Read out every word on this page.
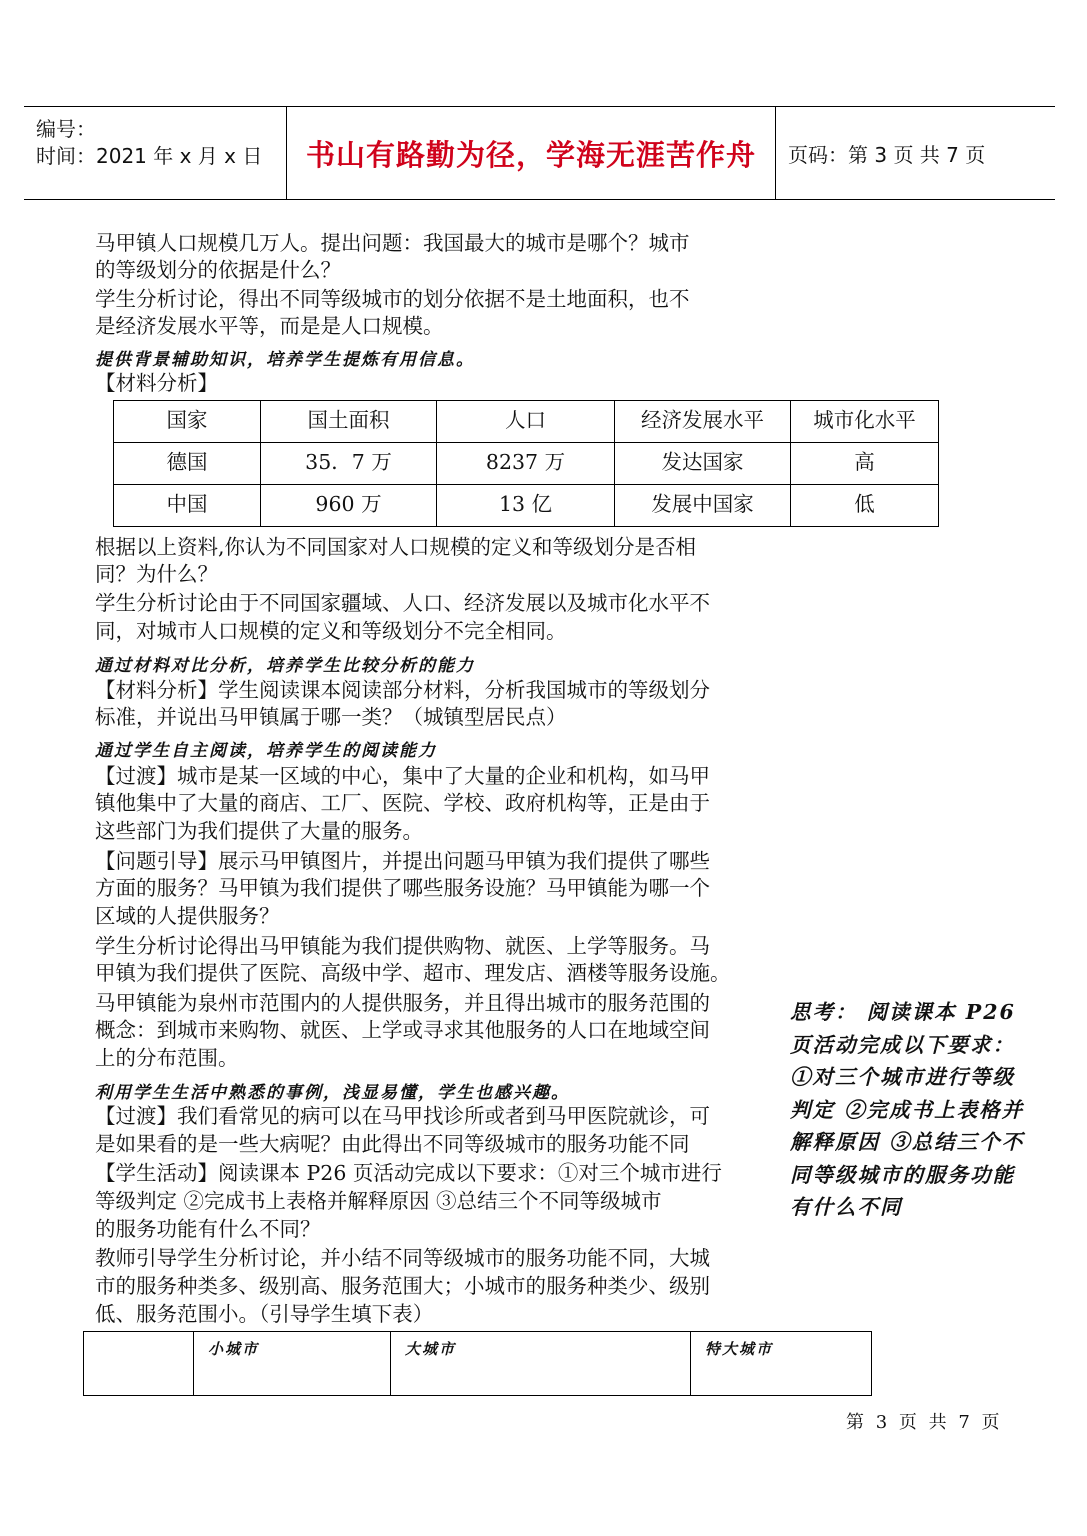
编号：
时间：2021 年 x 月 x 日 书山有路勤为径，学海无涯苦作舟 页码：第 3 页 共 7 页
马甲镇人口规模几万人。提出问题：我国最大的城市是哪个？城市
的等级划分的依据是什么？
学生分析讨论，得出不同等级城市的划分依据不是土地面积，也不
是经济发展水平等，而是是人口规模。
提供背景辅助知识，培养学生提炼有用信息。
【材料分析】
国家	国土面积	人口	经济发展水平	城市化水平
德国	35．7 万	8237 万	发达国家	高
中国	960 万	13 亿	发展中国家	低
根据以上资料,你认为不同国家对人口规模的定义和等级划分是否相
同？为什么？
学生分析讨论由于不同国家疆域、人口、经济发展以及城市化水平不
同，对城市人口规模的定义和等级划分不完全相同。
通过材料对比分析，培养学生比较分析的能力
【材料分析】学生阅读课本阅读部分材料，分析我国城市的等级划分
标准，并说出马甲镇属于哪一类？（城镇型居民点）
通过学生自主阅读，培养学生的阅读能力
【过渡】城市是某一区域的中心，集中了大量的企业和机构，如马甲
镇他集中了大量的商店、工厂、医院、学校、政府机构等，正是由于
这些部门为我们提供了大量的服务。
【问题引导】展示马甲镇图片，并提出问题马甲镇为我们提供了哪些
方面的服务？马甲镇为我们提供了哪些服务设施？马甲镇能为哪一个
区域的人提供服务？
学生分析讨论得出马甲镇能为我们提供购物、就医、上学等服务。马
甲镇为我们提供了医院、高级中学、超市、理发店、酒楼等服务设施。
马甲镇能为泉州市范围内的人提供服务，并且得出城市的服务范围的
概念：到城市来购物、就医、上学或寻求其他服务的人口在地域空间
上的分布范围。
利用学生生活中熟悉的事例，浅显易懂，学生也感兴趣。
【过渡】我们看常见的病可以在马甲找诊所或者到马甲医院就诊，可
是如果看的是一些大病呢？由此得出不同等级城市的服务功能不同
【学生活动】阅读课本 P26 页活动完成以下要求：①对三个城市进行
等级判定 ②完成书上表格并解释原因 ③总结三个不同等级城市
的服务功能有什么不同？
教师引导学生分析讨论，并小结不同等级城市的服务功能不同，大城
市的服务种类多、级别高、服务范围大；小城市的服务种类少、级别
低、服务范围小。（引导学生填下表）
思考： 阅读课本 P26 页活动完成以下要求：①对三个城市进行等级判定 ②完成书上表格并解释原因 ③总结三个不同等级城市的服务功能有什么不同
	小城市	大城市	特大城市
第 3 页 共 7 页
